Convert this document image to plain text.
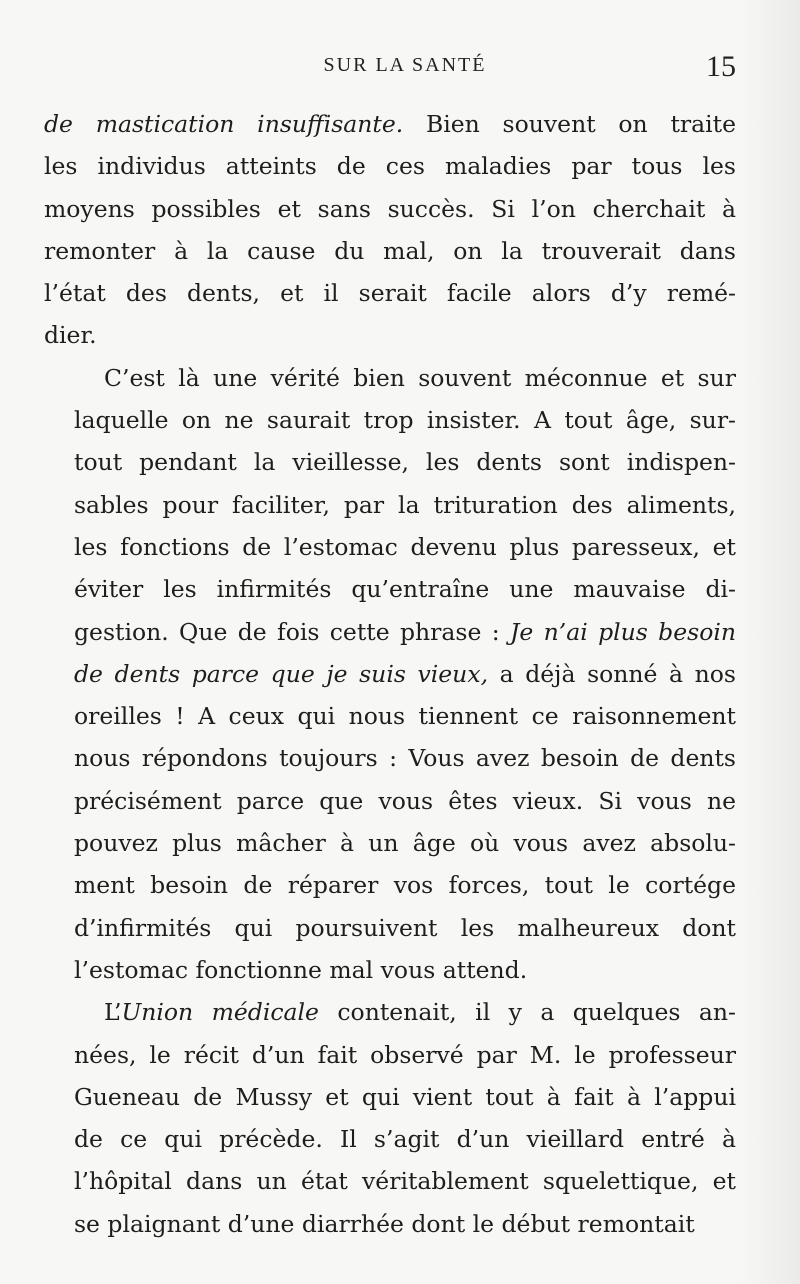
SUR LA SANTÉ	15
de mastication insuffisante. Bien souvent on traite
les individus atteints de ces maladies par tous les
moyens possibles et sans succès. Si l’on cherchait à
remonter à la cause du mal, on la trouverait dans
l’état des dents, et il serait facile alors d’y remé-
dier.
C’est là une vérité bien souvent méconnue et sur
laquelle on ne saurait trop insister. A tout âge, sur-
tout pendant la vieillesse, les dents sont indispen-
sables pour faciliter, par la trituration des aliments,
les fonctions de l’estomac devenu plus paresseux, et
éviter les infirmités qu’entraîne une mauvaise di-
gestion. Que de fois cette phrase : Je n’ai plus besoin
de dents parce que je suis vieux, a déjà sonné à nos
oreilles ! A ceux qui nous tiennent ce raisonnement
nous répondons toujours : Vous avez besoin de dents
précisément parce que vous êtes vieux. Si vous ne
pouvez plus mâcher à un âge où vous avez absolu-
ment besoin de réparer vos forces, tout le cortége
d’infirmités qui poursuivent les malheureux dont
l’estomac fonctionne mal vous attend.
L’Union médicale contenait, il y a quelques an-
nées, le récit d’un fait observé par M. le professeur
Gueneau de Mussy et qui vient tout à fait à l’appui
de ce qui précède. Il s’agit d’un vieillard entré à
l’hôpital dans un état véritablement squelettique, et
se plaignant d’une diarrhée dont le début remontait
